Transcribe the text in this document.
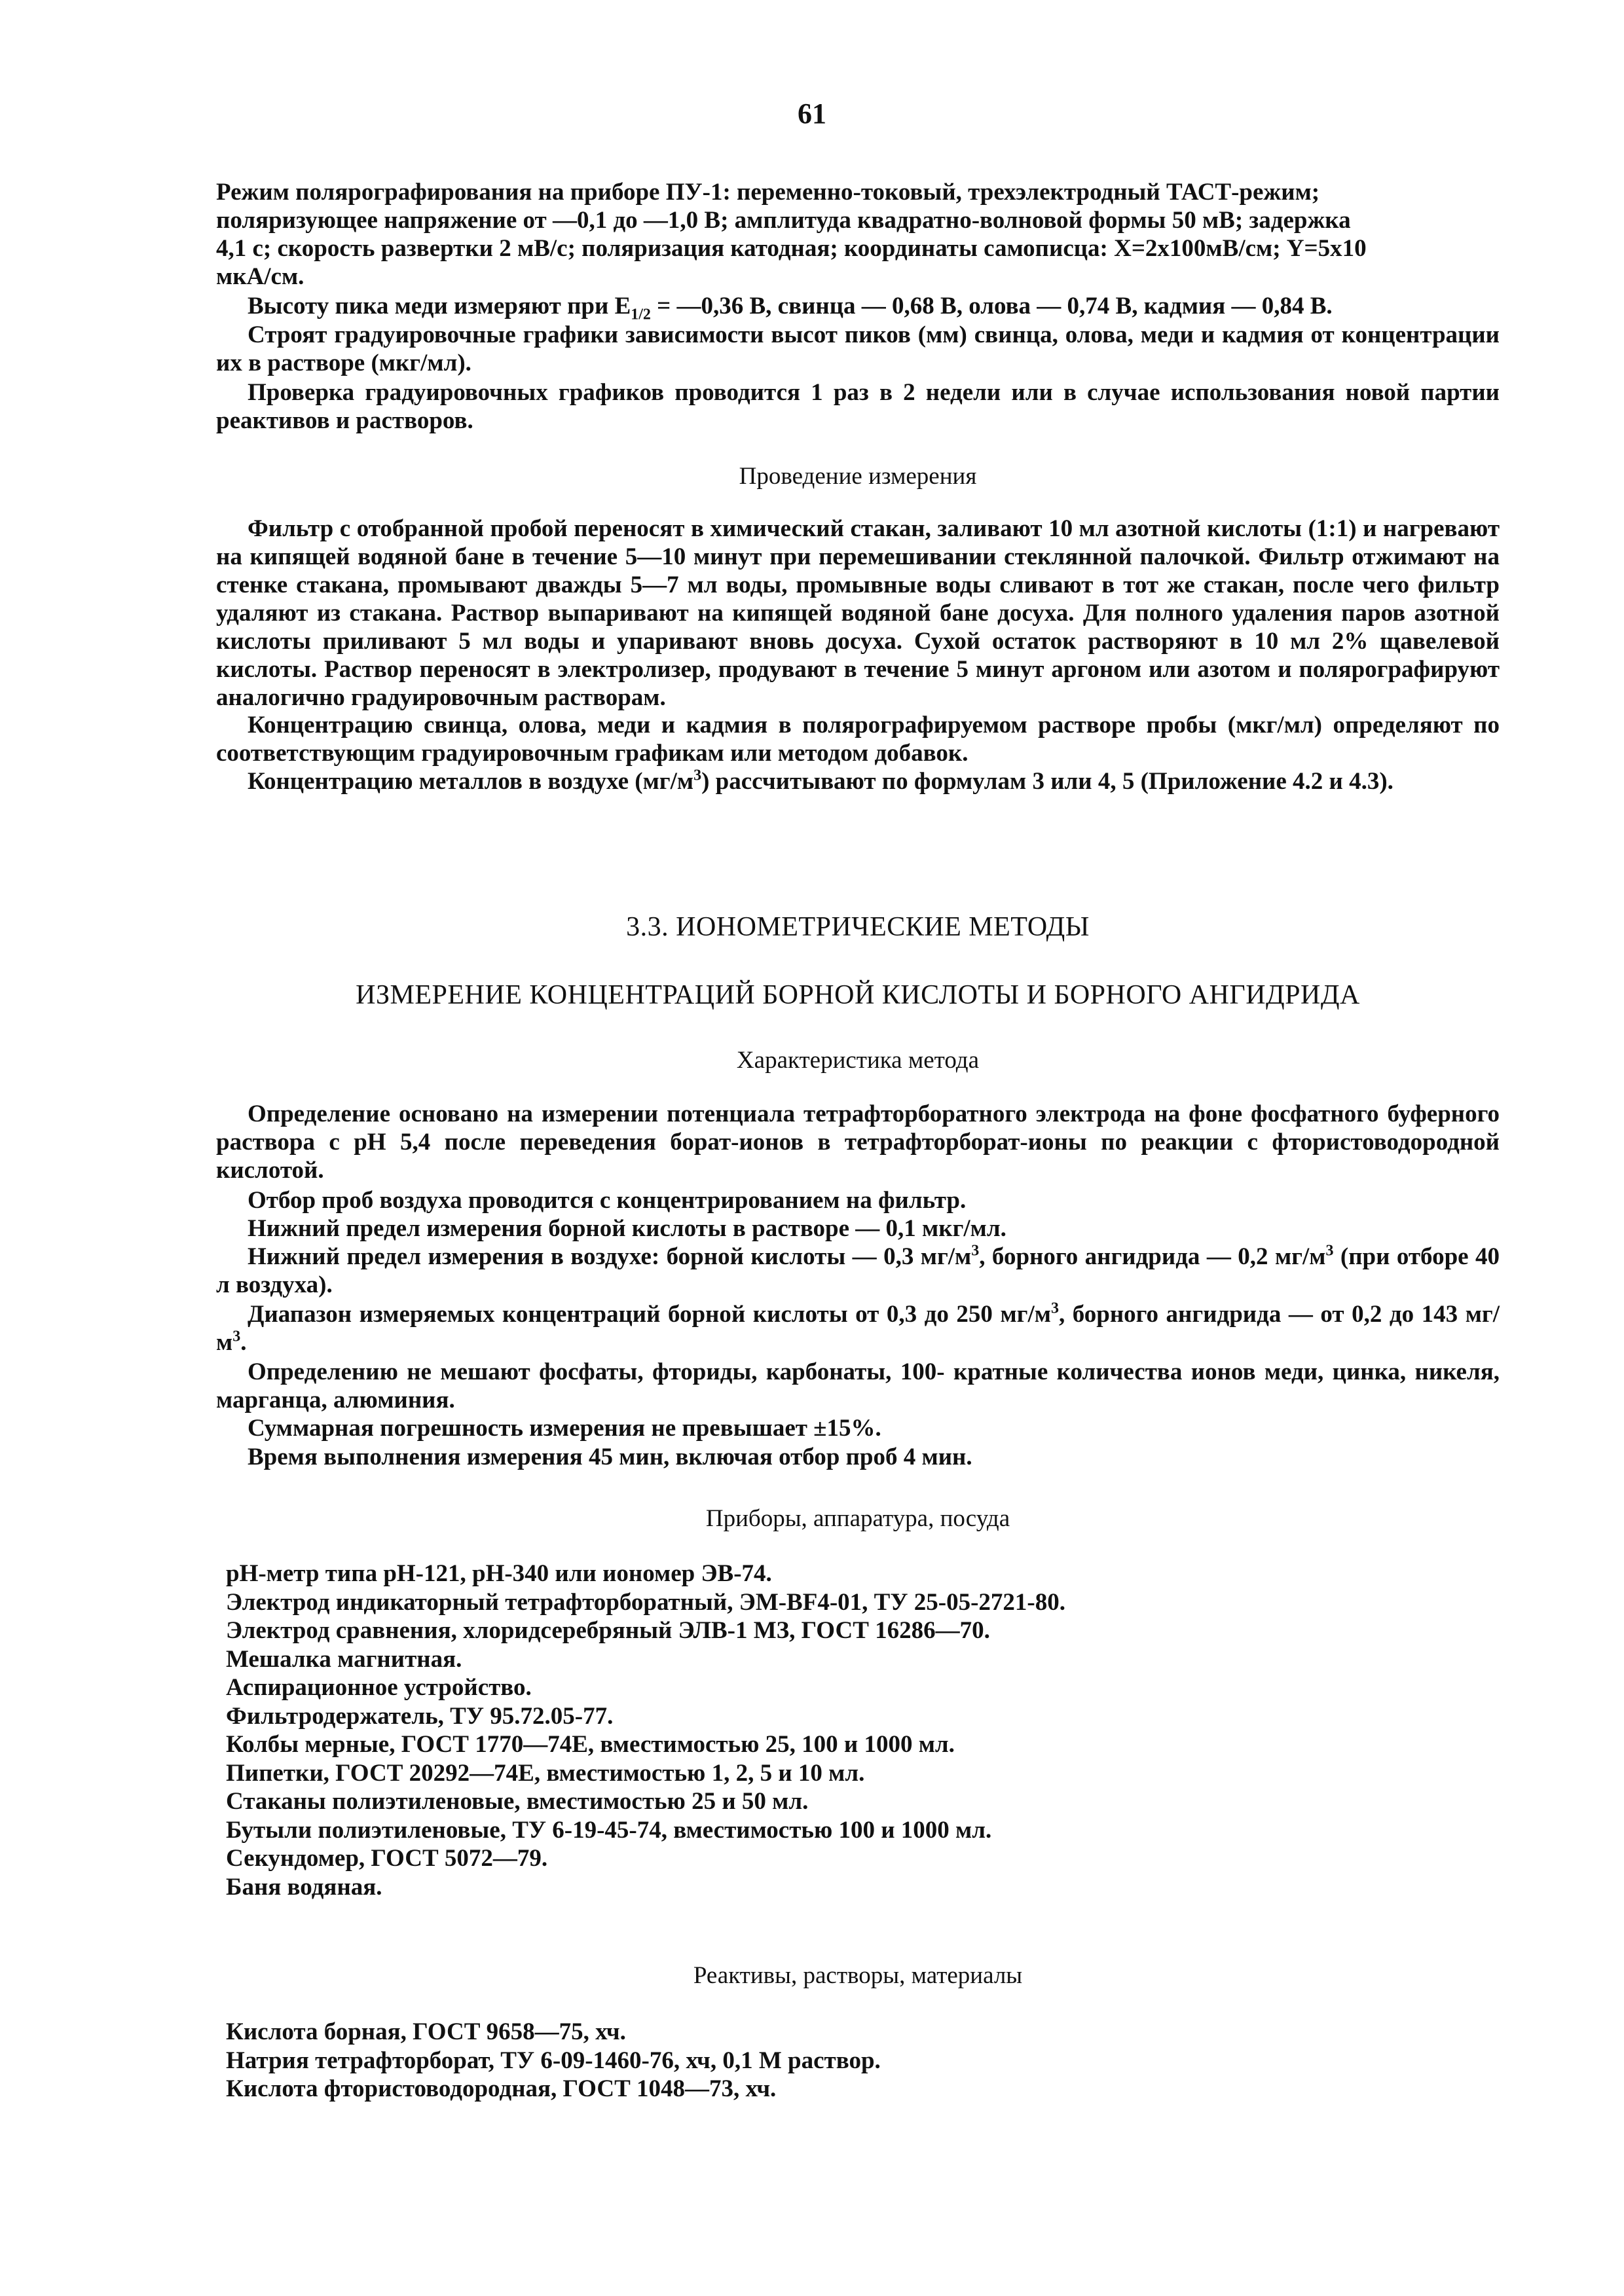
61
Режим полярографирования на приборе ПУ-1: переменно-токовый, трехэлектродный ТАСТ-режим;
поляризующее напряжение от —0,1 до —1,0 В; амплитуда квадратно-волновой формы 50 мВ; задержка
4,1 с; скорость развертки 2 мВ/с; поляризация катодная; координаты самописца: X=2x100мВ/см; Y=5x10
мкА/см.

Высоту пика меди измеряют при $E_{1/2}$ = —0,36 В, свинца — 0,68 В, олова — 0,74 В, кадмия — 0,84 В.

Строят градуировочные графики зависимости высот пиков (мм) свинца, олова, меди и кадмия от концентрации их в растворе (мкг/мл).

Проверка градуировочных графиков проводится 1 раз в 2 недели или в случае использования новой партии реактивов и растворов.

Проведение измерения

Фильтр с отобранной пробой переносят в химический стакан, заливают 10 мл азотной кислоты (1:1) и нагревают на кипящей водяной бане в течение 5—10 минут при перемешивании стеклянной палочкой. Фильтр отжимают на стенке стакана, промывают дважды 5—7 мл воды, промывные воды сливают в тот же стакан, после чего фильтр удаляют из стакана. Раствор выпаривают на кипящей водяной бане досуха. Для полного удаления паров азотной кислоты приливают 5 мл воды и упаривают вновь досуха. Сухой остаток растворяют в 10 мл 2% щавелевой кислоты. Раствор переносят в электролизер, продувают в течение 5 минут аргоном или азотом и полярографируют аналогично градуировочным растворам.

Концентрацию свинца, олова, меди и кадмия в полярографируемом растворе пробы (мкг/мл) определяют по соответствующим градуировочным графикам или методом добавок.

Концентрацию металлов в воздухе $(мг/м^3)$ рассчитывают по формулам 3 или 4, 5 (Приложение 4.2 и 4.3).

3.3. ИОНОМЕТРИЧЕСКИЕ МЕТОДЫ

ИЗМЕРЕНИЕ КОНЦЕНТРАЦИЙ БОРНОЙ КИСЛОТЫ И БОРНОГО АНГИДРИДА

Характеристика метода

Определение основано на измерении потенциала тетрафторборатного электрода на фоне фосфатного буферного раствора с pH 5,4 после переведения борат-ионов в тетрафторборат-ионы по реакции с фтористоводородной кислотой.

Отбор проб воздуха проводится с концентрированием на фильтр.

Нижний предел измерения борной кислоты в растворе — 0,1 мкг/мл.

Нижний предел измерения в воздухе: борной кислоты — 0,3 $мг/м^3$, борного ангидрида — 0,2 $мг/м^3$ (при отборе 40 л воздуха).

Диапазон измеряемых концентраций борной кислоты от 0,3 до 250 $мг/м^3$, борного ангидрида — от 0,2 до 143 $мг/м^3$.

Определению не мешают фосфаты, фториды, карбонаты, 100- кратные количества ионов меди, цинка, никеля, марганца, алюминия.

Суммарная погрешность измерения не превышает ±15%.

Время выполнения измерения 45 мин, включая отбор проб 4 мин.

Приборы, аппаратура, посуда

pH-метр типа pH-121, pH-340 или иономер ЭВ-74.

Электрод индикаторный тетрафторборатный, ЭМ-BF4-01, ТУ 25-05-2721-80.

Электрод сравнения, хлоридсеребряный ЭЛВ-1 МЗ, ГОСТ 16286—70.

Мешалка магнитная.

Аспирационное устройство.

Фильтродержатель, ТУ 95.72.05-77.

Колбы мерные, ГОСТ 1770—74Е, вместимостью 25, 100 и 1000 мл.

Пипетки, ГОСТ 20292—74Е, вместимостью 1, 2, 5 и 10 мл.

Стаканы полиэтиленовые, вместимостью 25 и 50 мл.

Бутыли полиэтиленовые, ТУ 6-19-45-74, вместимостью 100 и 1000 мл.

Секундомер, ГОСТ 5072—79.

Баня водяная.

Реактивы, растворы, материалы

Кислота борная, ГОСТ 9658—75, хч.

Натрия тетрафторборат, ТУ 6-09-1460-76, хч, 0,1 М раствор.

Кислота фтористоводородная, ГОСТ 1048—73, хч.
